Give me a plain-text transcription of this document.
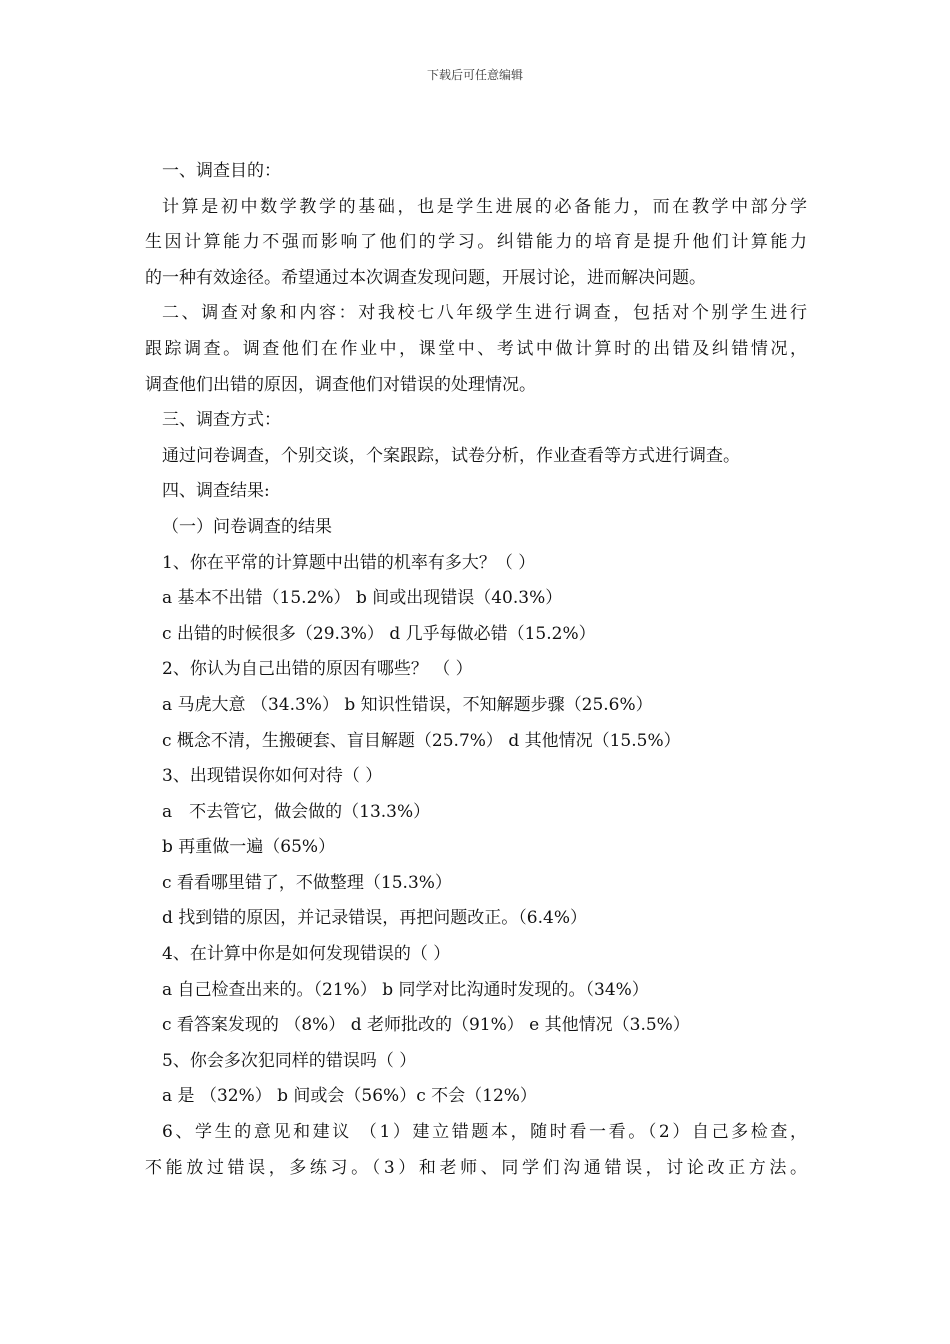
下载后可任意编辑
一、调查目的：
计算是初中数学教学的基础，也是学生进展的必备能力，而在教学中部分学
生因计算能力不强而影响了他们的学习。纠错能力的培育是提升他们计算能力
的一种有效途径。希望通过本次调查发现问题，开展讨论，进而解决问题。
二、调查对象和内容：对我校七八年级学生进行调查，包括对个别学生进行
跟踪调查。调查他们在作业中，课堂中、考试中做计算时的出错及纠错情况，
调查他们出错的原因，调查他们对错误的处理情况。
三、调查方式：
通过问卷调查，个别交谈，个案跟踪，试卷分析，作业查看等方式进行调查。
四、调查结果:
（一）问卷调查的结果
1、你在平常的计算题中出错的机率有多大？（ ）
a 基本不出错（15.2%） b 间或出现错误（40.3%）
c 出错的时候很多（29.3%） d 几乎每做必错（15.2%）
2、你认为自己出错的原因有哪些？ （ ）
a 马虎大意 （34.3%） b 知识性错误，不知解题步骤（25.6%）
c 概念不清，生搬硬套、盲目解题（25.7%） d 其他情况（15.5%）
3、出现错误你如何对待（ ）
a　不去管它，做会做的（13.3%）
b 再重做一遍（65%）
c 看看哪里错了，不做整理（15.3%）
d 找到错的原因，并记录错误，再把问题改正。（6.4%）
4、在计算中你是如何发现错误的（ ）
a 自己检查出来的。（21%） b 同学对比沟通时发现的。（34%）
c 看答案发现的 （8%） d 老师批改的（91%） e 其他情况（3.5%）
5、你会多次犯同样的错误吗（ ）
a 是 （32%） b 间或会（56%）c 不会（12%）
6、学生的意见和建议 （1）建立错题本，随时看一看。（2）自己多检查，
不能放过错误，多练习。（3）和老师、同学们沟通错误，讨论改正方法。
